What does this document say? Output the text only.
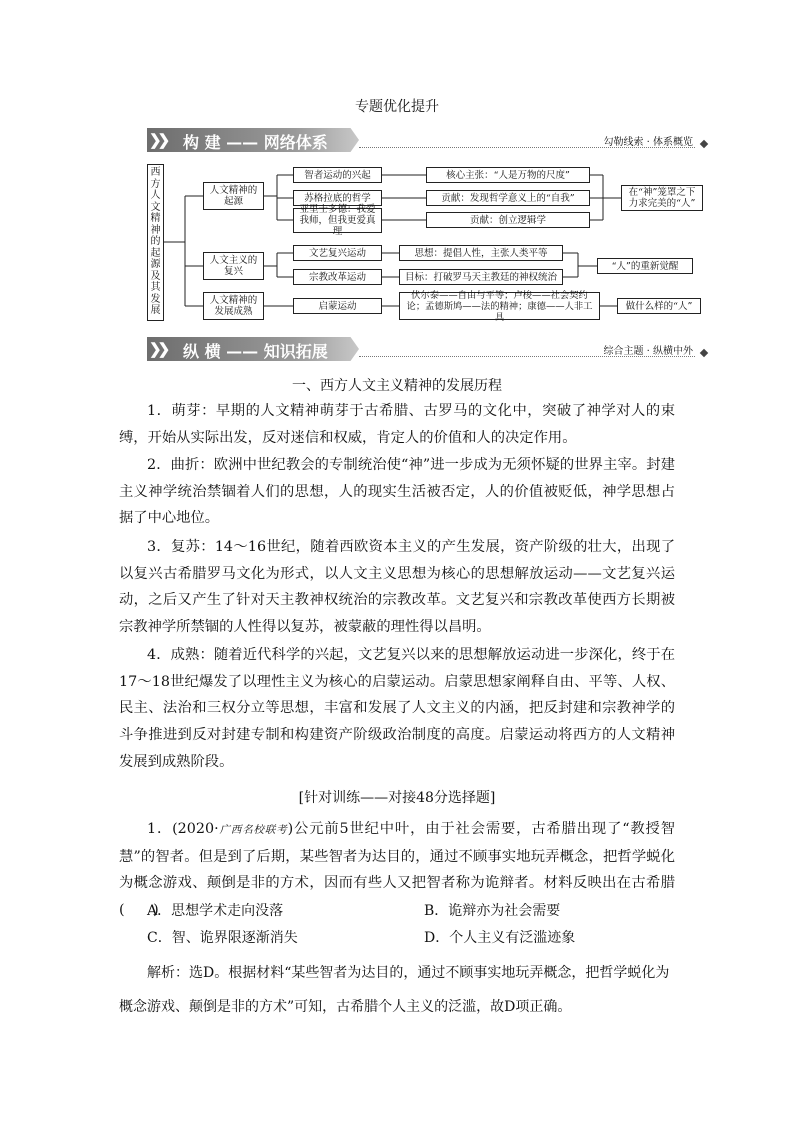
专题优化提升
❯❯ 构 建 —— 网络体系	勾勒线索 · 体系概览
西方人文精神的起源及其发展
人文精神的起源
人文主义的复兴
人文精神的发展成熟
智者运动的兴起
苏格拉底的哲学
亚里士多德：我爱我师，但我更爱真理
文艺复兴运动
宗教改革运动
启蒙运动
核心主张：“人是万物的尺度”
贡献：发现哲学意义上的“自我”
贡献：创立逻辑学
思想：提倡人性，主张人类平等
目标：打破罗马天主教廷的神权统治
伏尔泰——自由与平等；卢梭——社会契约论；孟德斯鸠——法的精神；康德——人非工具
在“神”笼罩之下力求完美的“人”
“人”的重新觉醒
做什么样的“人”
❯❯ 纵 横 —— 知识拓展	综合主题 · 纵横中外
一、西方人文主义精神的发展历程

1．萌芽：早期的人文精神萌芽于古希腊、古罗马的文化中，突破了神学对人的束缚，开始从实际出发，反对迷信和权威，肯定人的价值和人的决定作用。

2．曲折：欧洲中世纪教会的专制统治使“神”进一步成为无须怀疑的世界主宰。封建主义神学统治禁锢着人们的思想，人的现实生活被否定，人的价值被贬低，神学思想占据了中心地位。

3．复苏：14～16世纪，随着西欧资本主义的产生发展，资产阶级的壮大，出现了以复兴古希腊罗马文化为形式，以人文主义思想为核心的思想解放运动——文艺复兴运动，之后又产生了针对天主教神权统治的宗教改革。文艺复兴和宗教改革使西方长期被宗教神学所禁锢的人性得以复苏，被蒙蔽的理性得以昌明。

4．成熟：随着近代科学的兴起，文艺复兴以来的思想解放运动进一步深化，终于在17～18世纪爆发了以理性主义为核心的启蒙运动。启蒙思想家阐释自由、平等、人权、民主、法治和三权分立等思想，丰富和发展了人文主义的内涵，把反封建和宗教神学的斗争推进到反对封建专制和构建资产阶级政治制度的高度。启蒙运动将西方的人文精神发展到成熟阶段。

[针对训练——对接48分选择题]

1．(2020·广西名校联考)公元前5世纪中叶，由于社会需要，古希腊出现了“教授智慧”的智者。但是到了后期，某些智者为达目的，通过不顾事实地玩弄概念，把哲学蜕化为概念游戏、颠倒是非的方术，因而有些人又把智者称为诡辩者。材料反映出在古希腊(　　)

A．思想学术走向没落	B．诡辩亦为社会需要
C．智、诡界限逐渐消失	D．个人主义有泛滥迹象
解析：选D。根据材料“某些智者为达目的，通过不顾事实地玩弄概念，把哲学蜕化为
概念游戏、颠倒是非的方术”可知，古希腊个人主义的泛滥，故D项正确。
